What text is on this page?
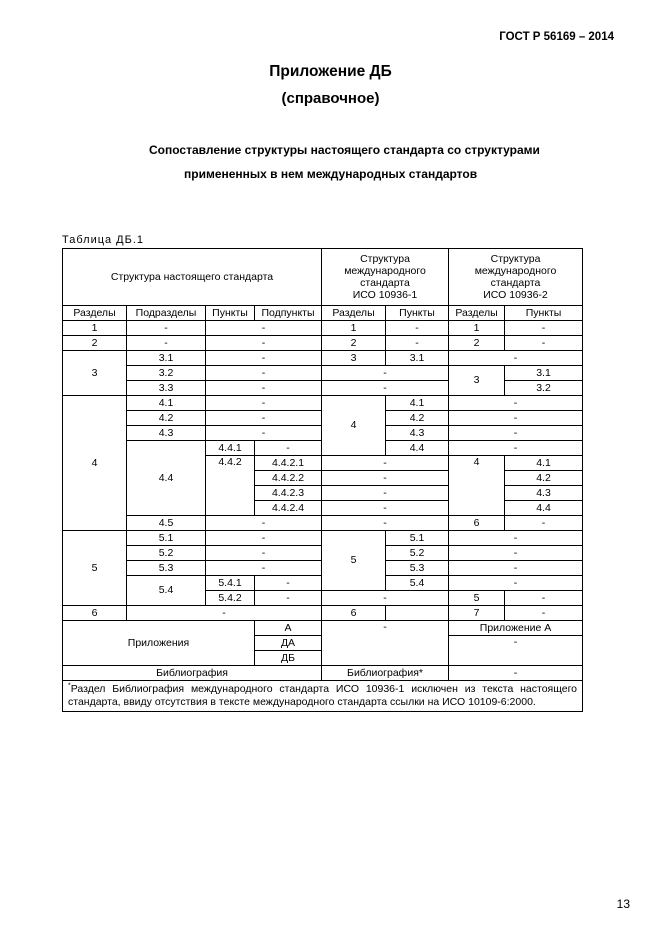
ГОСТ Р 56169 – 2014
Приложение ДБ
(справочное)
Сопоставление структуры настоящего стандарта со структурами
примененных в нем международных стандартов
Таблица ДБ.1
Структура настоящего стандарта				Структура
международного
стандарта
ИСО 10936-1		Структура
международного
стандарта
ИСО 10936-2	
Разделы	Подразделы	Пункты	Подпункты	Разделы	Пункты	Разделы	Пункты
1	-	-		1	-	1	-
2	-	-		2	-	2	-
3	3.1	-		3	3.1	-	
	3.2	-		-		3	3.1
	3.3	-		-			3.2
4	4.1	-		4	4.1	-	
	4.2	-			4.2	-	
	4.3	-			4.3	-	
	4.4	4.4.1	-		4.4	-	
		4.4.2	4.4.2.1	-		4	4.1
			4.4.2.2	-			4.2
			4.4.2.3	-			4.3
			4.4.2.4	-			4.4
	4.5	-		-		6	-
5	5.1	-		5	5.1	-	
	5.2	-			5.2	-	
	5.3	-			5.3	-	
	5.4	5.4.1	-		5.4	-	
		5.4.2	-	-		5	-
6	-			6		7	-
Приложения			А	-		Приложение А	
			ДА			-	
			ДБ				
Библиография				Библиография*		-	
*Раздел Библиография международного стандарта ИСО 10936-1 исключен из текста настоящего стандарта, ввиду отсутствия в тексте международного стандарта ссылки на ИСО 10109-6:2000.							
13
